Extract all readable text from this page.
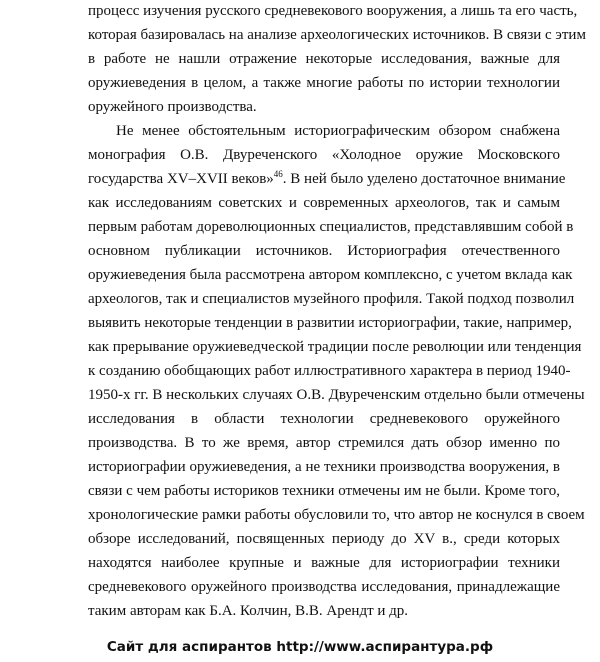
процесс изучения русского средневекового вооружения, а лишь та его часть,
которая базировалась на анализе археологических источников. В связи с этим
в работе не нашли отражение некоторые исследования, важные для
оружиеведения в целом, а также многие работы по истории технологии
оружейного производства.
Не менее обстоятельным историографическим обзором снабжена
монография О.В. Двуреченского «Холодное оружие Московского
государства XV–XVII веков»$^{46}$. В ней было уделено достаточное внимание
как исследованиям советских и современных археологов, так и самым
первым работам дореволюционных специалистов, представлявшим собой в
основном публикации источников. Историография отечественного
оружиеведения была рассмотрена автором комплексно, с учетом вклада как
археологов, так и специалистов музейного профиля. Такой подход позволил
выявить некоторые тенденции в развитии историографии, такие, например,
как прерывание оружиеведческой традиции после революции или тенденция
к созданию обобщающих работ иллюстративного характера в период 1940-
1950-х гг. В нескольких случаях О.В. Двуреченским отдельно были отмечены
исследования в области технологии средневекового оружейного
производства. В то же время, автор стремился дать обзор именно по
историографии оружиеведения, а не техники производства вооружения, в
связи с чем работы историков техники отмечены им не были. Кроме того,
хронологические рамки работы обусловили то, что автор не коснулся в своем
обзоре исследований, посвященных периоду до XV в., среди которых
находятся наиболее крупные и важные для историографии техники
средневекового оружейного производства исследования, принадлежащие
таким авторам как Б.А. Колчин, В.В. Арендт и др.
Сайт для аспирантов http://www.аспирантура.рф
